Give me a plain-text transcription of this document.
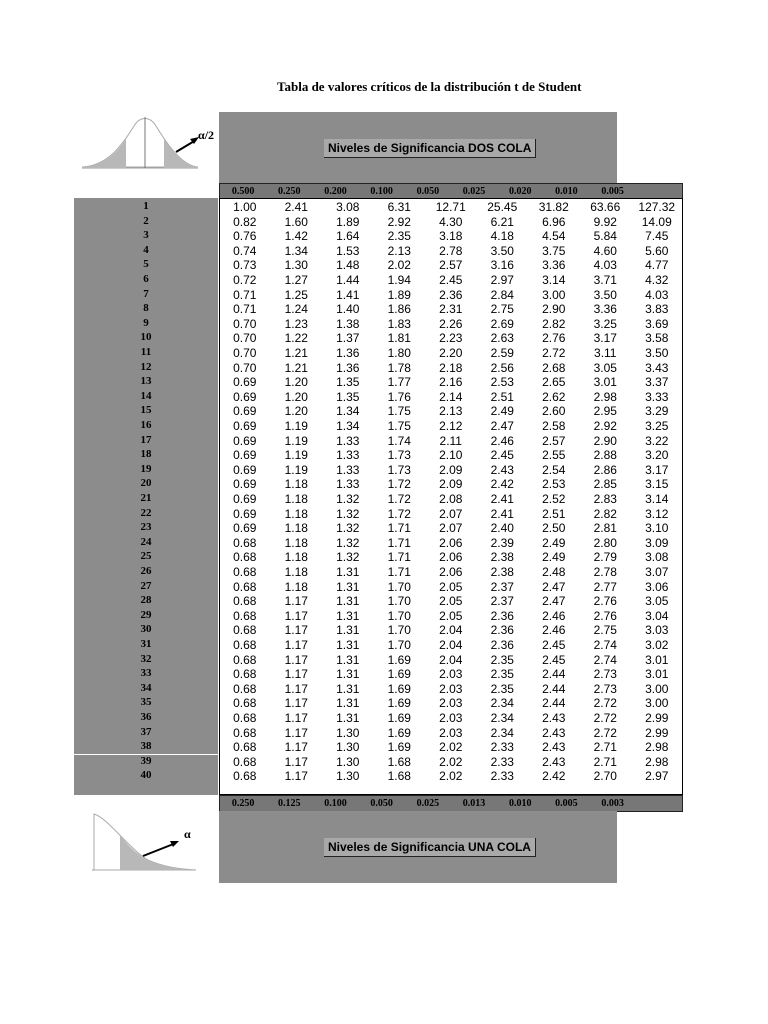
Tabla de valores críticos de la distribución t de Student
α/2
Niveles de Significancia DOS COLA
0.500	0.250	0.200	0.100	0.050	0.025	0.020	0.010	0.005
1	1.00	2.41	3.08	6.31	12.71	25.45	31.82	63.66	127.32
2	0.82	1.60	1.89	2.92	4.30	6.21	6.96	9.92	14.09
3	0.76	1.42	1.64	2.35	3.18	4.18	4.54	5.84	7.45
4	0.74	1.34	1.53	2.13	2.78	3.50	3.75	4.60	5.60
5	0.73	1.30	1.48	2.02	2.57	3.16	3.36	4.03	4.77
6	0.72	1.27	1.44	1.94	2.45	2.97	3.14	3.71	4.32
7	0.71	1.25	1.41	1.89	2.36	2.84	3.00	3.50	4.03
8	0.71	1.24	1.40	1.86	2.31	2.75	2.90	3.36	3.83
9	0.70	1.23	1.38	1.83	2.26	2.69	2.82	3.25	3.69
10	0.70	1.22	1.37	1.81	2.23	2.63	2.76	3.17	3.58
11	0.70	1.21	1.36	1.80	2.20	2.59	2.72	3.11	3.50
12	0.70	1.21	1.36	1.78	2.18	2.56	2.68	3.05	3.43
13	0.69	1.20	1.35	1.77	2.16	2.53	2.65	3.01	3.37
14	0.69	1.20	1.35	1.76	2.14	2.51	2.62	2.98	3.33
15	0.69	1.20	1.34	1.75	2.13	2.49	2.60	2.95	3.29
16	0.69	1.19	1.34	1.75	2.12	2.47	2.58	2.92	3.25
17	0.69	1.19	1.33	1.74	2.11	2.46	2.57	2.90	3.22
18	0.69	1.19	1.33	1.73	2.10	2.45	2.55	2.88	3.20
19	0.69	1.19	1.33	1.73	2.09	2.43	2.54	2.86	3.17
20	0.69	1.18	1.33	1.72	2.09	2.42	2.53	2.85	3.15
21	0.69	1.18	1.32	1.72	2.08	2.41	2.52	2.83	3.14
22	0.69	1.18	1.32	1.72	2.07	2.41	2.51	2.82	3.12
23	0.69	1.18	1.32	1.71	2.07	2.40	2.50	2.81	3.10
24	0.68	1.18	1.32	1.71	2.06	2.39	2.49	2.80	3.09
25	0.68	1.18	1.32	1.71	2.06	2.38	2.49	2.79	3.08
26	0.68	1.18	1.31	1.71	2.06	2.38	2.48	2.78	3.07
27	0.68	1.18	1.31	1.70	2.05	2.37	2.47	2.77	3.06
28	0.68	1.17	1.31	1.70	2.05	2.37	2.47	2.76	3.05
29	0.68	1.17	1.31	1.70	2.05	2.36	2.46	2.76	3.04
30	0.68	1.17	1.31	1.70	2.04	2.36	2.46	2.75	3.03
31	0.68	1.17	1.31	1.70	2.04	2.36	2.45	2.74	3.02
32	0.68	1.17	1.31	1.69	2.04	2.35	2.45	2.74	3.01
33	0.68	1.17	1.31	1.69	2.03	2.35	2.44	2.73	3.01
34	0.68	1.17	1.31	1.69	2.03	2.35	2.44	2.73	3.00
35	0.68	1.17	1.31	1.69	2.03	2.34	2.44	2.72	3.00
36	0.68	1.17	1.31	1.69	2.03	2.34	2.43	2.72	2.99
37	0.68	1.17	1.30	1.69	2.03	2.34	2.43	2.72	2.99
38	0.68	1.17	1.30	1.69	2.02	2.33	2.43	2.71	2.98
39	0.68	1.17	1.30	1.68	2.02	2.33	2.43	2.71	2.98
40	0.68	1.17	1.30	1.68	2.02	2.33	2.42	2.70	2.97
0.250	0.125	0.100	0.050	0.025	0.013	0.010	0.005	0.003
α
Niveles de Significancia UNA COLA
